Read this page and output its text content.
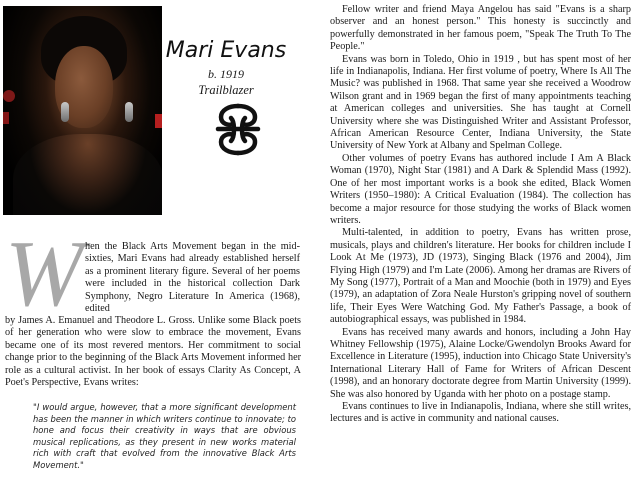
Mari Evans
b. 1919
Trailblazer
W hen the Black Arts Movement began in the mid-sixties, Mari Evans had already established herself as a prominent literary figure. Several of her poems were included in the historical collection Dark Symphony, Negro Literature In America (1968), edited
by James A. Emanuel and Theodore L. Gross. Unlike some Black poets of her generation who were slow to embrace the movement, Evans became one of its most revered mentors. Her commitment to social change prior to the beginning of the Black Arts Movement informed her role as a cultural activist. In her book of essays Clarity As Concept, A Poet's Perspective, Evans writes:
"I would argue, however, that a more significant development has been the manner in which writers continue to innovate; to hone and focus their creativity in ways that are obvious musical replications, as they present in new works material rich with craft that evolved from the innovative Black Arts Movement."

Fellow writer and friend Maya Angelou has said "Evans is a sharp observer and an honest person." This honesty is succinctly and powerfully demonstrated in her famous poem, "Speak The Truth To The People."

Evans was born in Toledo, Ohio in 1919 , but has spent most of her life in Indianapolis, Indiana. Her first volume of poetry, Where Is All The Music? was published in 1968. That same year she received a Woodrow Wilson grant and in 1969 began the first of many appointments teaching at American colleges and universities. She has taught at Cornell University where she was Distinguished Writer and Assistant Professor, African American Resource Center, Indiana University, the State University of New York at Albany and Spelman College.

Other volumes of poetry Evans has authored include I Am A Black Woman (1970), Night Star (1981) and A Dark & Splendid Mass (1992). One of her most important works is a book she edited, Black Women Writers (1950–1980): A Critical Evaluation (1984). The collection has become a major resource for those studying the works of Black women writers.

Multi-talented, in addition to poetry, Evans has written prose, musicals, plays and children's literature. Her books for children include I Look At Me (1973), JD (1973), Singing Black (1976 and 2004), Jim Flying High (1979) and I'm Late (2006). Among her dramas are Rivers of My Song (1977), Portrait of a Man and Moochie (both in 1979) and Eyes (1979), an adaptation of Zora Neale Hurston's gripping novel of southern life, Their Eyes Were Watching God. My Father's Passage, a book of autobiographical essays, was published in 1984.

Evans has received many awards and honors, including a John Hay Whitney Fellowship (1975), Alaine Locke/Gwendolyn Brooks Award for Excellence in Literature (1995), induction into Chicago State University's International Literary Hall of Fame for Writers of African Descent (1998), and an honorary doctorate degree from Martin University (1999). She was also honored by Uganda with her photo on a postage stamp.

Evans continues to live in Indianapolis, Indiana, where she still writes, lectures and is active in community and national causes.
